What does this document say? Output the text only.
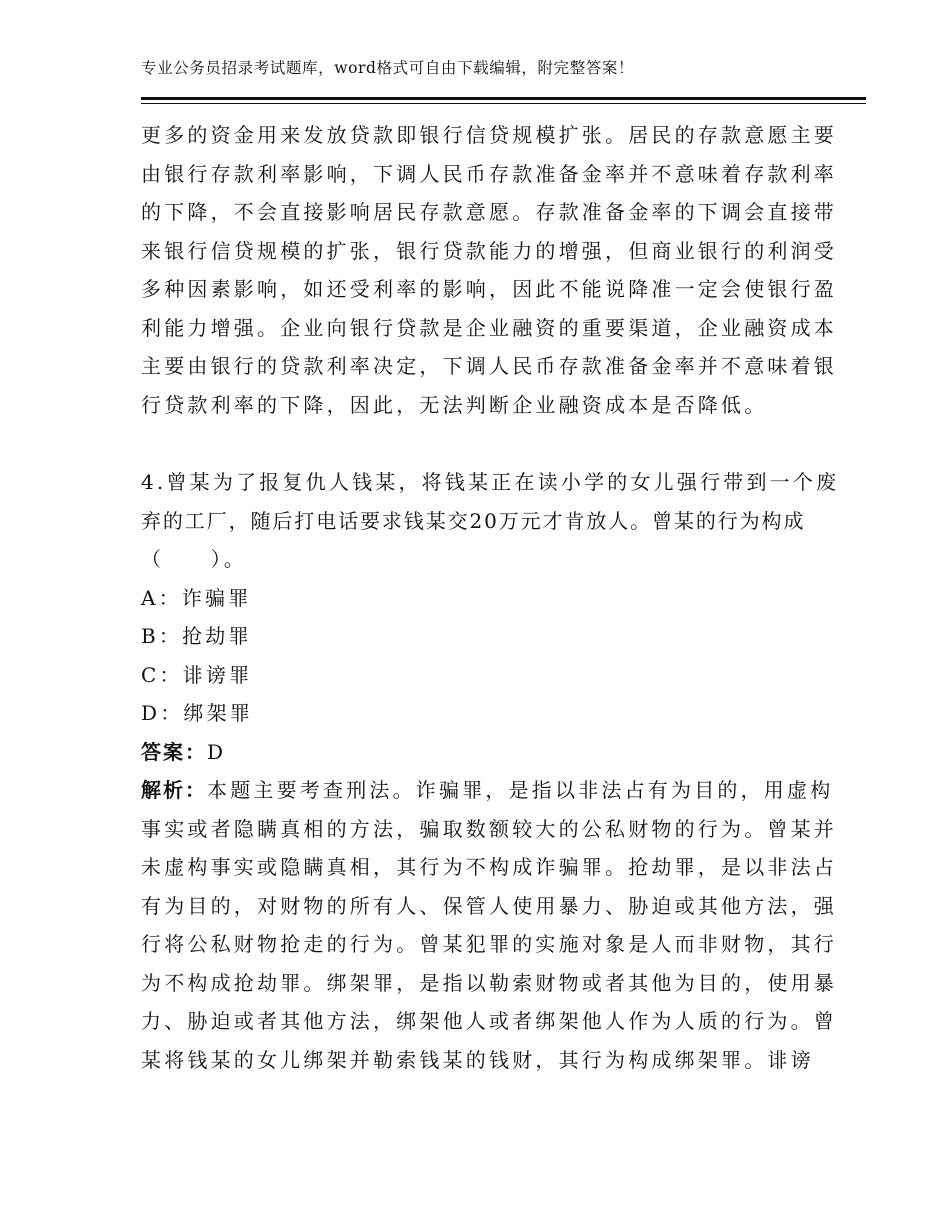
专业公务员招录考试题库，word格式可自由下载编辑，附完整答案！
更多的资金用来发放贷款即银行信贷规模扩张。居民的存款意愿主要
由银行存款利率影响，下调人民币存款准备金率并不意味着存款利率
的下降，不会直接影响居民存款意愿。存款准备金率的下调会直接带
来银行信贷规模的扩张，银行贷款能力的增强，但商业银行的利润受
多种因素影响，如还受利率的影响，因此不能说降准一定会使银行盈
利能力增强。企业向银行贷款是企业融资的重要渠道，企业融资成本
主要由银行的贷款利率决定，下调人民币存款准备金率并不意味着银
行贷款利率的下降，因此，无法判断企业融资成本是否降低。
4.曾某为了报复仇人钱某，将钱某正在读小学的女儿强行带到一个废
弃的工厂，随后打电话要求钱某交20万元才肯放人。曾某的行为构成
（　　）。
A：诈骗罪
B：抢劫罪
C：诽谤罪
D：绑架罪
答案：D
解析：本题主要考查刑法。诈骗罪，是指以非法占有为目的，用虚构
事实或者隐瞒真相的方法，骗取数额较大的公私财物的行为。曾某并
未虚构事实或隐瞒真相，其行为不构成诈骗罪。抢劫罪，是以非法占
有为目的，对财物的所有人、保管人使用暴力、胁迫或其他方法，强
行将公私财物抢走的行为。曾某犯罪的实施对象是人而非财物，其行
为不构成抢劫罪。绑架罪，是指以勒索财物或者其他为目的，使用暴
力、胁迫或者其他方法，绑架他人或者绑架他人作为人质的行为。曾
某将钱某的女儿绑架并勒索钱某的钱财，其行为构成绑架罪。诽谤
